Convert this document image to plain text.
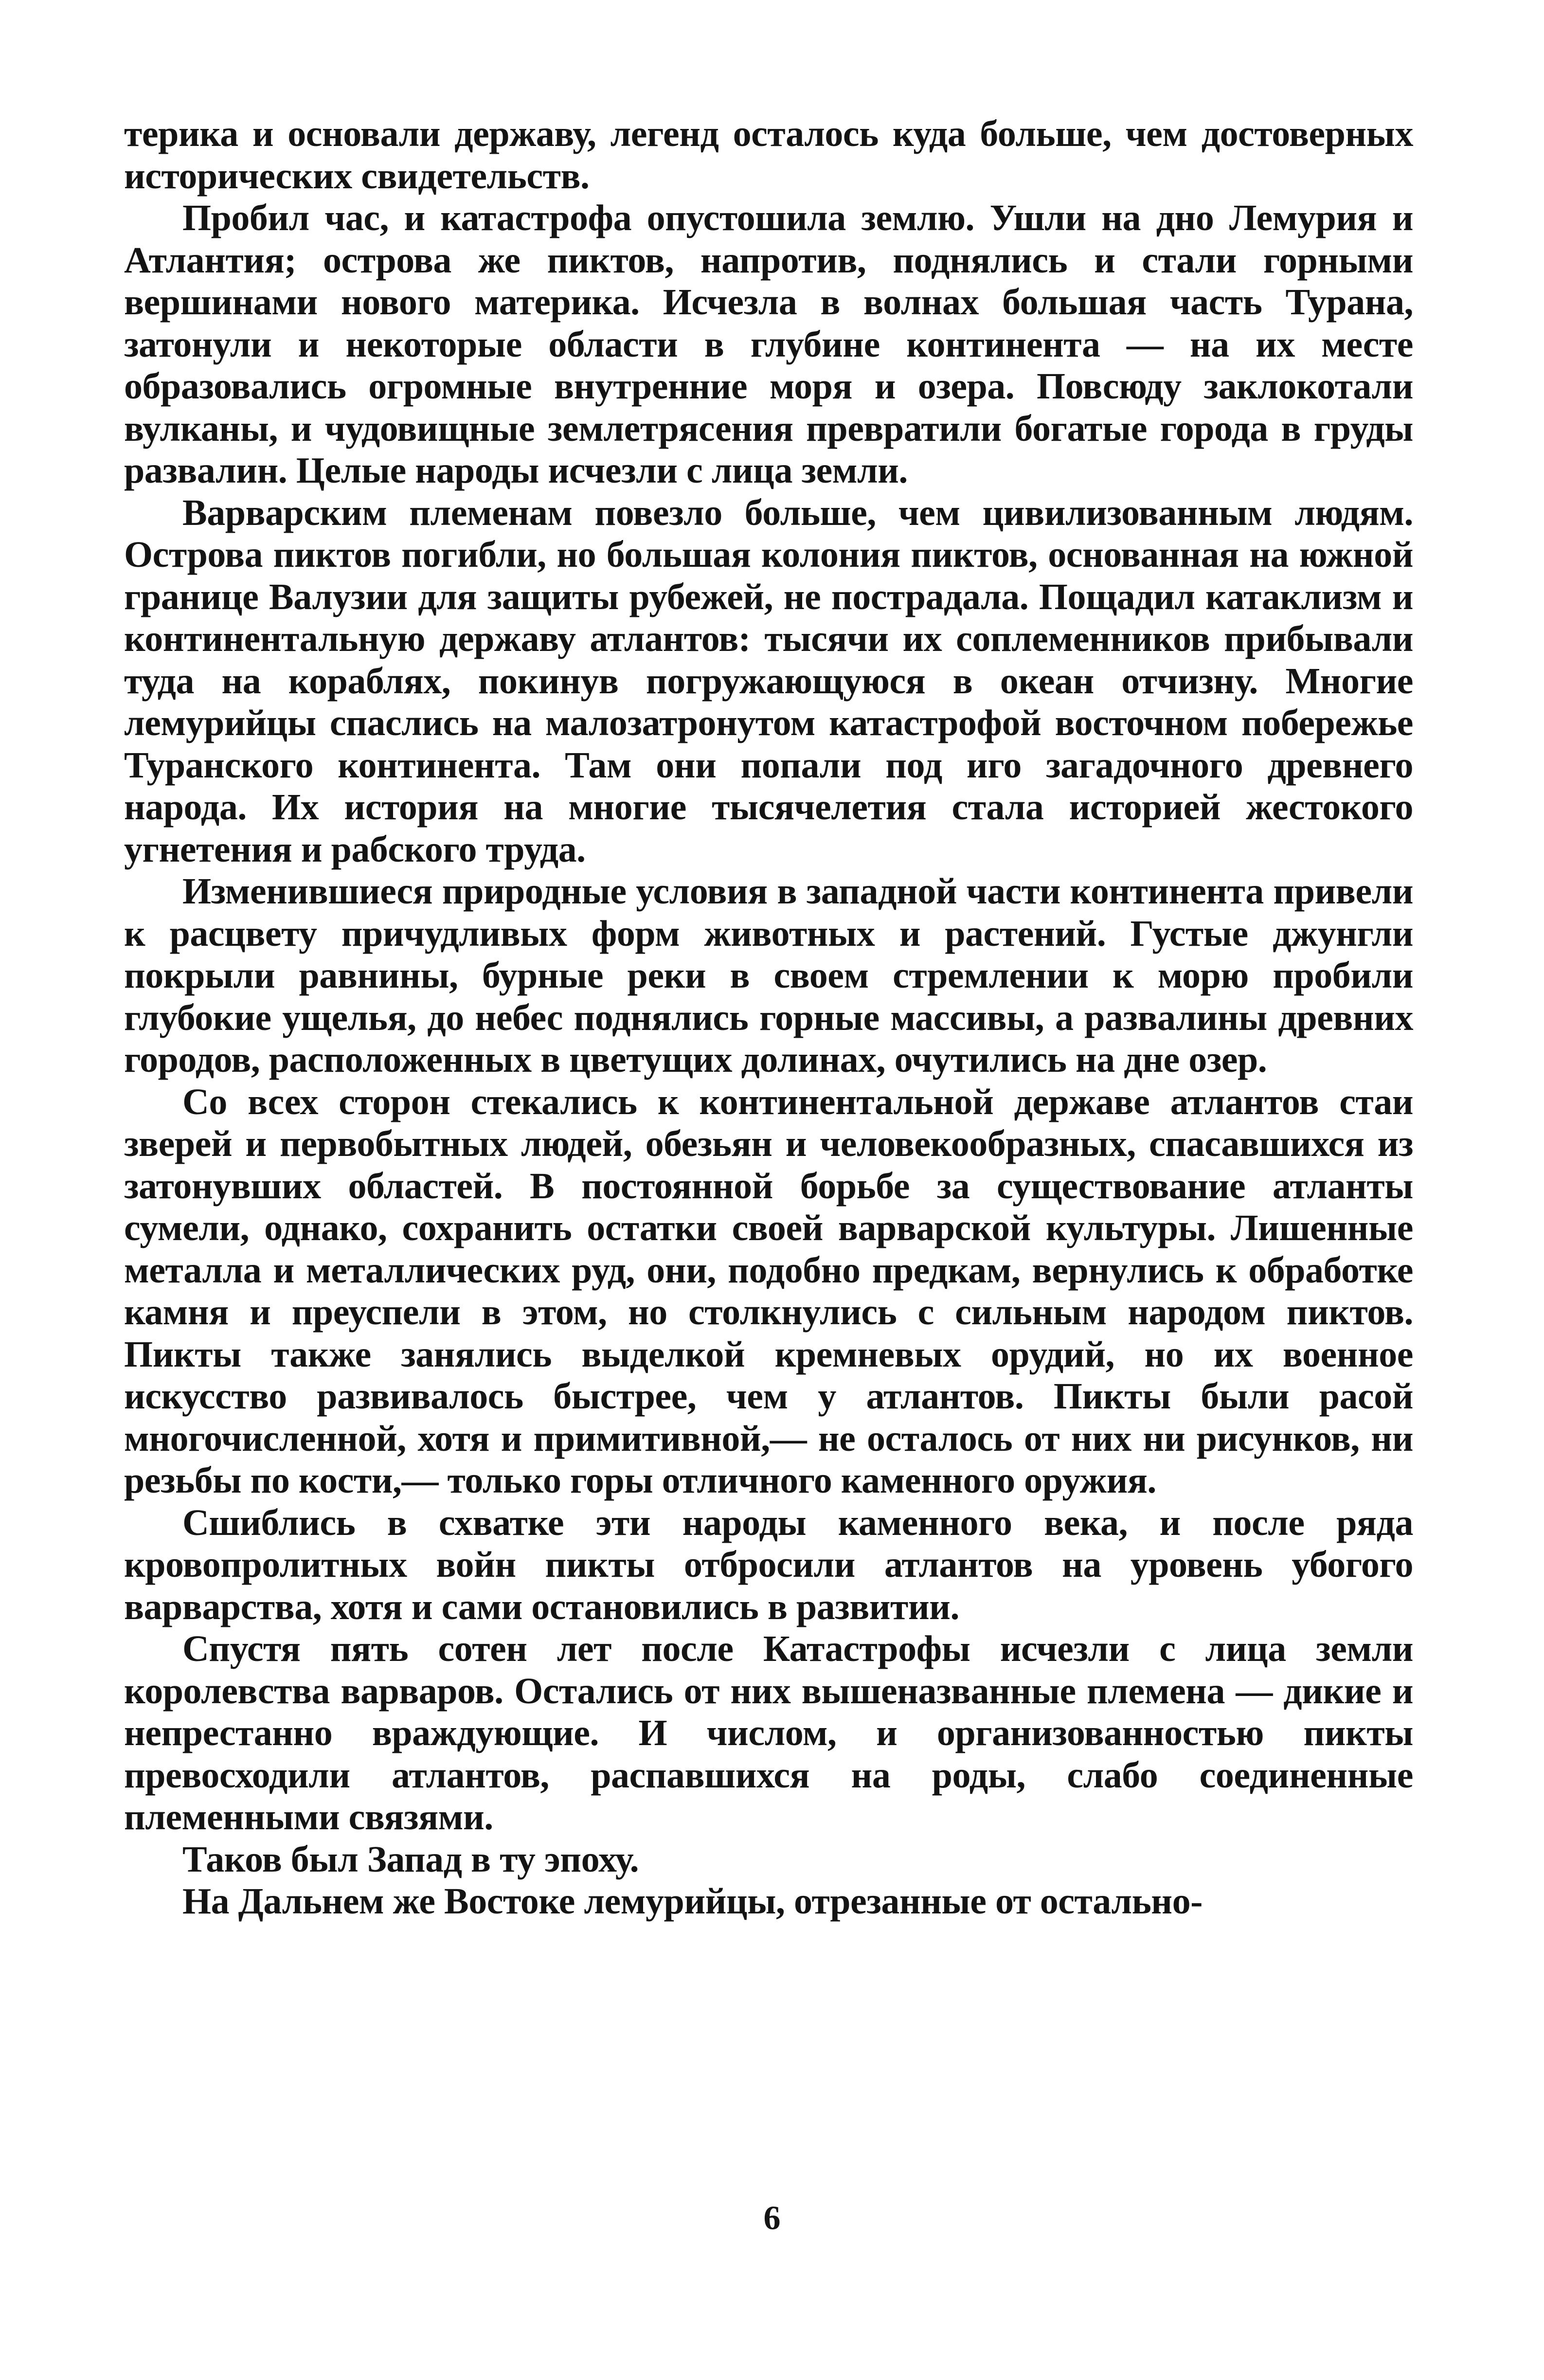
терика и основали державу, легенд осталось куда больше, чем достоверных исторических свидетельств.

Пробил час, и катастрофа опустошила землю. Ушли на дно Лемурия и Атлантия; острова же пиктов, напротив, поднялись и стали горными вершинами нового материка. Исчезла в волнах большая часть Турана, затонули и некоторые области в глубине континента — на их месте образовались огромные внутренние моря и озера. Повсюду заклокотали вулканы, и чудовищные землетрясения превратили богатые города в груды развалин. Целые народы исчезли с лица земли.

Варварским племенам повезло больше, чем цивилизованным людям. Острова пиктов погибли, но большая колония пиктов, основанная на южной границе Валузии для защиты рубежей, не пострадала. Пощадил катаклизм и континентальную державу атлантов: тысячи их соплеменников прибывали туда на кораблях, покинув погружающуюся в океан отчизну. Многие лемурийцы спаслись на малозатронутом катастрофой восточном побережье Туранского континента. Там они попали под иго загадочного древнего народа. Их история на многие тысячелетия стала историей жестокого угнетения и рабского труда.

Изменившиеся природные условия в западной части континента привели к расцвету причудливых форм животных и растений. Густые джунгли покрыли равнины, бурные реки в своем стремлении к морю пробили глубокие ущелья, до небес поднялись горные массивы, а развалины древних городов, расположенных в цветущих долинах, очутились на дне озер.

Со всех сторон стекались к континентальной державе атлантов стаи зверей и первобытных людей, обезьян и человекообразных, спасавшихся из затонувших областей. В постоянной борьбе за существование атланты сумели, однако, сохранить остатки своей варварской культуры. Лишенные металла и металлических руд, они, подобно предкам, вернулись к обработке камня и преуспели в этом, но столкнулись с сильным народом пиктов. Пикты также занялись выделкой кремневых орудий, но их военное искусство развивалось быстрее, чем у атлантов. Пикты были расой многочисленной, хотя и примитивной,— не осталось от них ни рисунков, ни резьбы по кости,— только горы отличного каменного оружия.

Сшиблись в схватке эти народы каменного века, и после ряда кровопролитных войн пикты отбросили атлантов на уровень убогого варварства, хотя и сами остановились в развитии.

Спустя пять сотен лет после Катастрофы исчезли с лица земли королевства варваров. Остались от них вышеназванные племена — дикие и непрестанно враждующие. И числом, и организованностью пикты превосходили атлантов, распавшихся на роды, слабо соединенные племенными связями.

Таков был Запад в ту эпоху.

На Дальнем же Востоке лемурийцы, отрезанные от остально-

6
